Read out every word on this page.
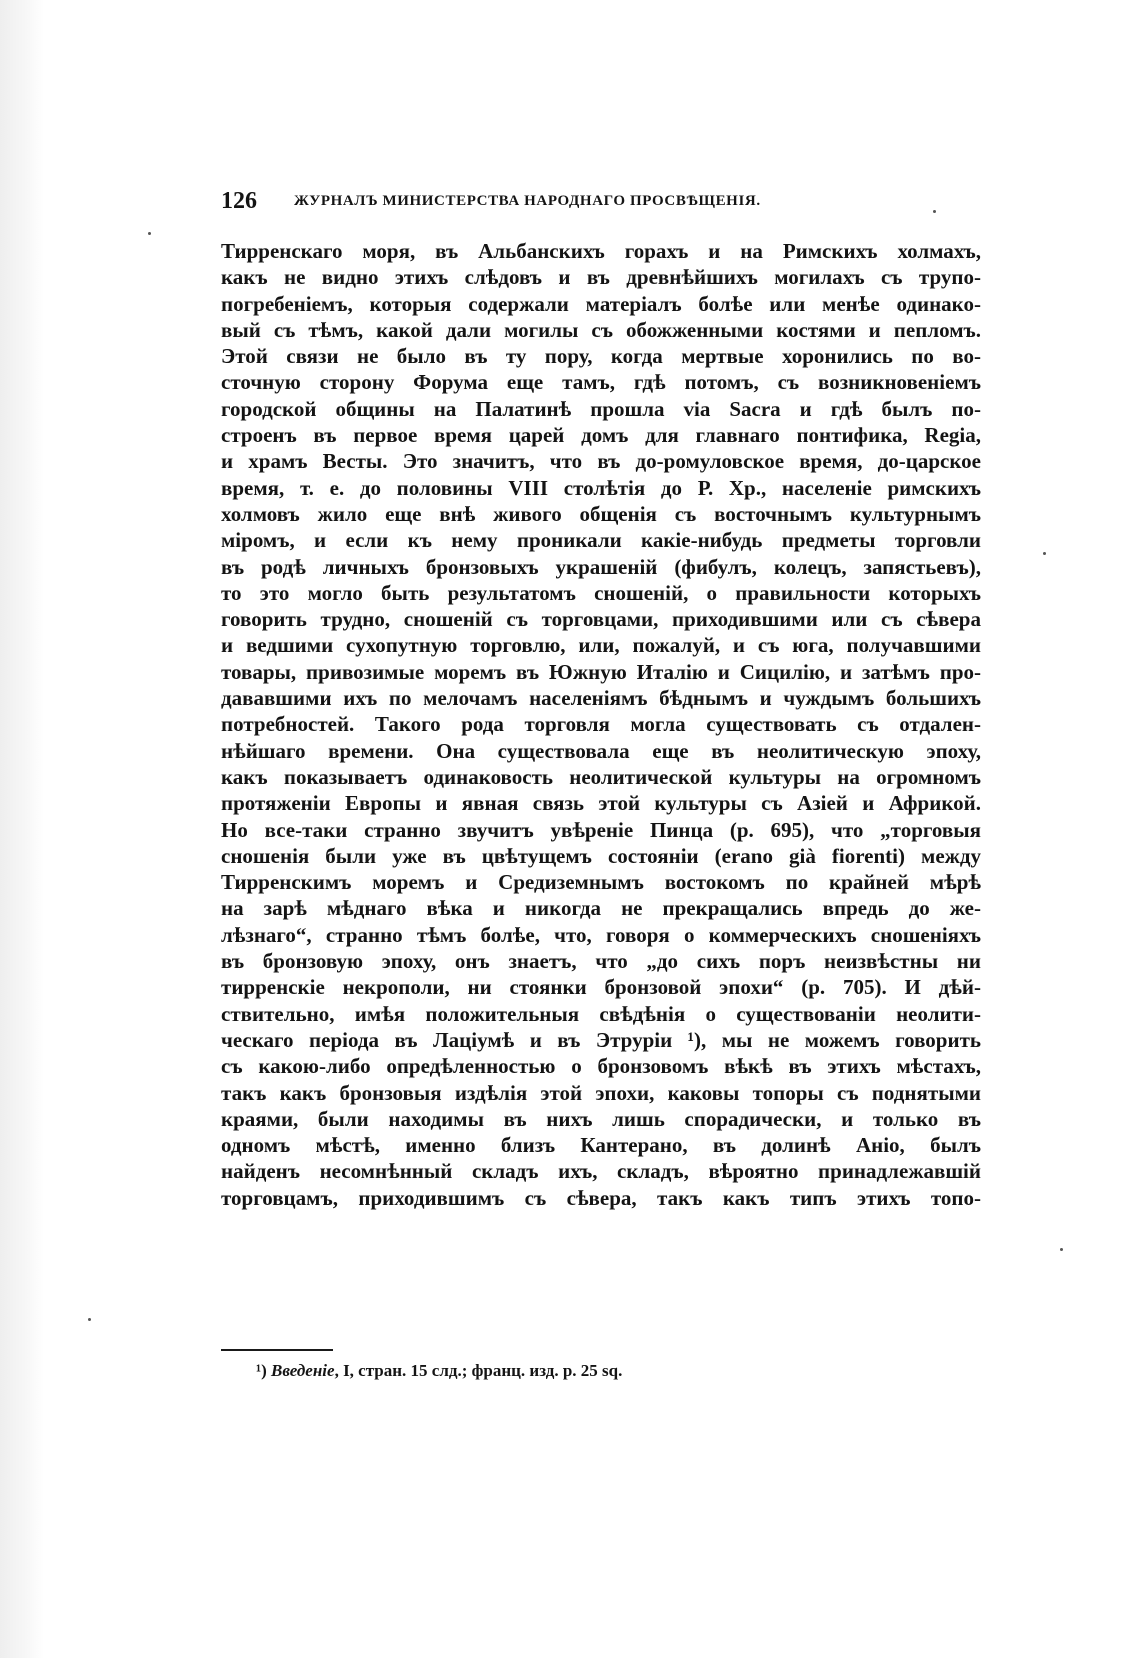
126 ЖУРНАЛЪ МИНИСТЕРСТВА НАРОДНАГО ПРОСВѢЩЕНІЯ.
Тирренскаго моря, въ Альбанскихъ горахъ и на Римскихъ холмахъ,
какъ не видно этихъ слѣдовъ и въ древнѣйшихъ могилахъ съ трупо-
погребеніемъ, которыя содержали матеріалъ болѣе или менѣе одинако-
вый съ тѣмъ, какой дали могилы съ обожженными костями и пепломъ.
Этой связи не было въ ту пору, когда мертвые хоронились по во-
сточную сторону Форума еще тамъ, гдѣ потомъ, съ возникновеніемъ
городской общины на Палатинѣ прошла via Sacra и гдѣ былъ по-
строенъ въ первое время царей домъ для главнаго понтифика, Regia,
и храмъ Весты. Это значитъ, что въ до-ромуловское время, до-царское
время, т. е. до половины VIII столѣтія до Р. Хр., населеніе римскихъ
холмовъ жило еще внѣ живого общенія съ восточнымъ культурнымъ
міромъ, и если къ нему проникали какіе-нибудь предметы торговли
въ родѣ личныхъ бронзовыхъ украшеній (фибулъ, колецъ, запястьевъ),
то это могло быть результатомъ сношеній, о правильности которыхъ
говорить трудно, сношеній съ торговцами, приходившими или съ сѣвера
и ведшими сухопутную торговлю, или, пожалуй, и съ юга, получавшими
товары, привозимые моремъ въ Южную Италію и Сицилію, и затѣмъ про-
дававшими ихъ по мелочамъ населеніямъ бѣднымъ и чуждымъ большихъ
потребностей. Такого рода торговля могла существовать съ отдален-
нѣйшаго времени. Она существовала еще въ неолитическую эпоху,
какъ показываетъ одинаковость неолитической культуры на огромномъ
протяженіи Европы и явная связь этой культуры съ Азіей и Африкой.
Но все-таки странно звучитъ увѣреніе Пинца (р. 695), что „торговыя
сношенія были уже въ цвѣтущемъ состояніи (erano già fiorenti) между
Тирренскимъ моремъ и Средиземнымъ востокомъ по крайней мѣрѣ
на зарѣ мѣднаго вѣка и никогда не прекращались впредь до же-
лѣзнаго“, странно тѣмъ болѣе, что, говоря о коммерческихъ сношеніяхъ
въ бронзовую эпоху, онъ знаетъ, что „до сихъ поръ неизвѣстны ни
тирренскіе некрополи, ни стоянки бронзовой эпохи“ (р. 705). И дѣй-
ствительно, имѣя положительныя свѣдѣнія о существованіи неолити-
ческаго періода въ Лаціумѣ и въ Этруріи ¹), мы не можемъ говорить
съ какою-либо опредѣленностью о бронзовомъ вѣкѣ въ этихъ мѣстахъ,
такъ какъ бронзовыя издѣлія этой эпохи, каковы топоры съ поднятыми
краями, были находимы въ нихъ лишь спорадически, и только въ
одномъ мѣстѣ, именно близъ Кантерано, въ долинѣ Аніо, былъ
найденъ несомнѣнный складъ ихъ, складъ, вѣроятно принадлежавшій
торговцамъ, приходившимъ съ сѣвера, такъ какъ типъ этихъ топо-
¹) Введеніе, I, стран. 15 слд.; франц. изд. р. 25 sq.
